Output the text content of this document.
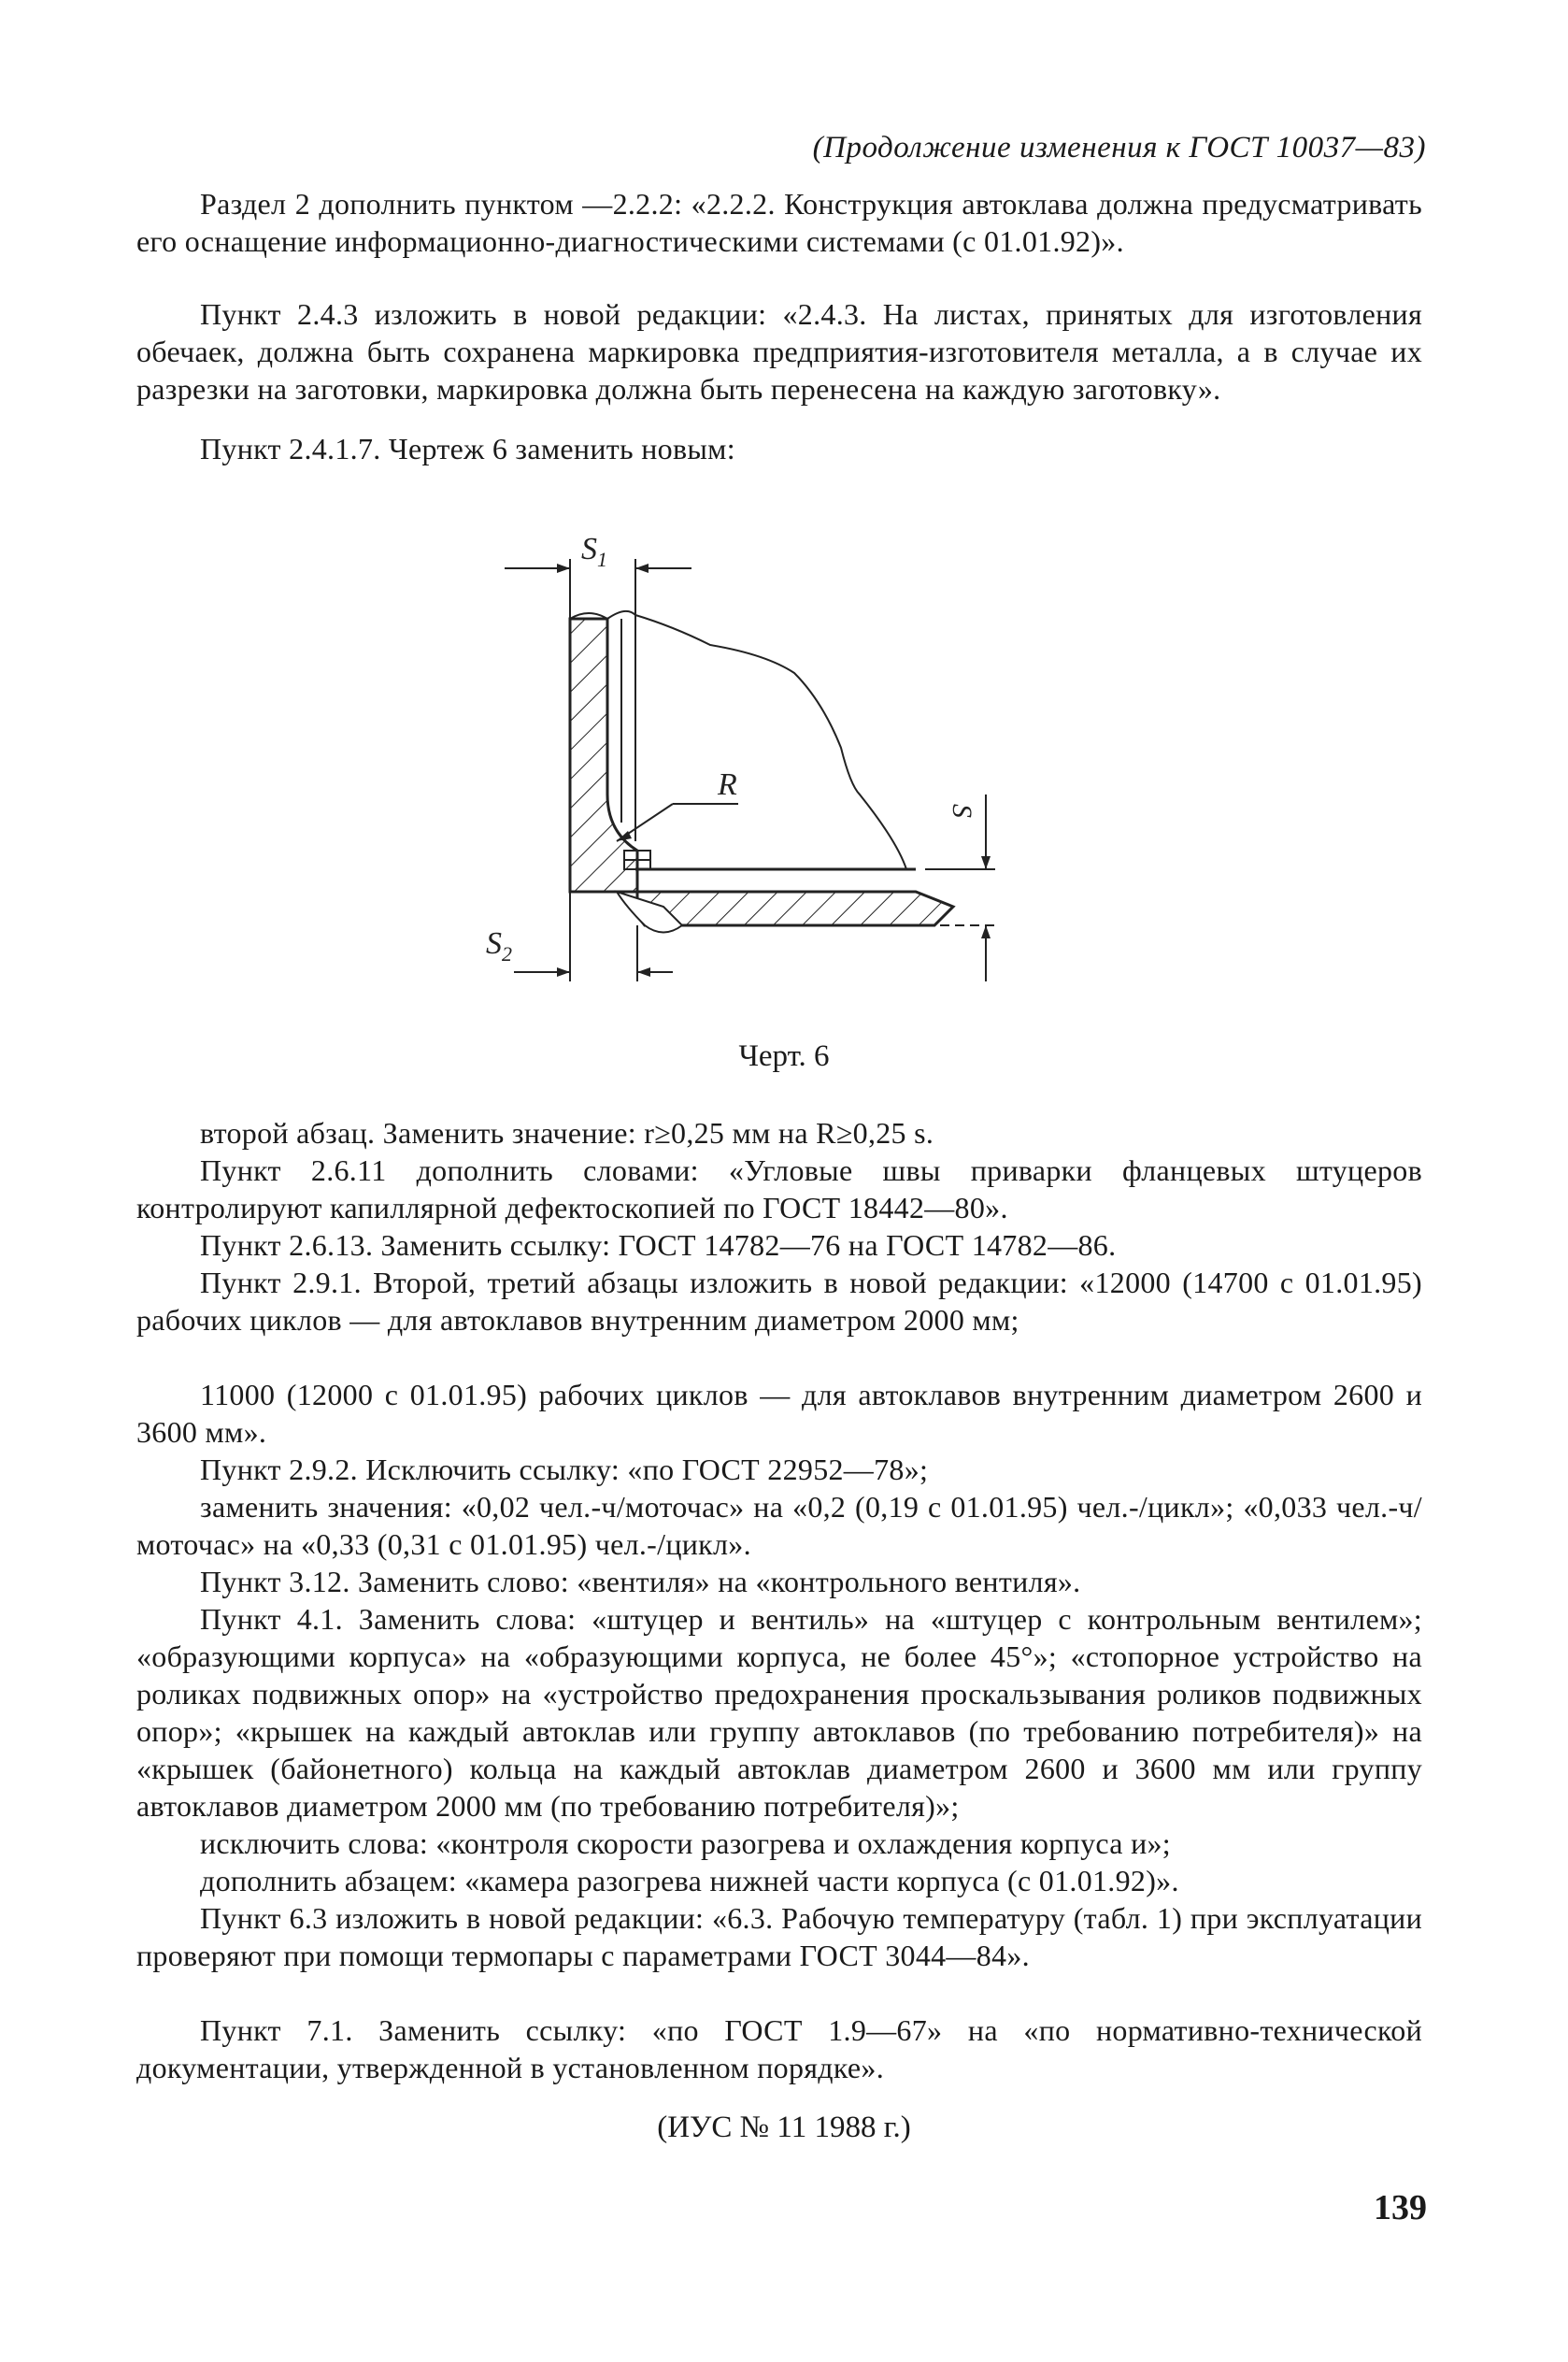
(Продолжение изменения к ГОСТ 10037—83)

Раздел 2 дополнить пунктом —2.2.2: «2.2.2. Конструкция автоклава должна предусматривать его оснащение информационно-диагностическими системами (с 01.01.92)».

Пункт 2.4.3 изложить в новой редакции: «2.4.3. На листах, принятых для изготовления обечаек, должна быть сохранена маркировка предприятия-изготовителя металла, а в случае их разрезки на заготовки, маркировка должна быть перенесена на каждую заготовку».

Пункт 2.4.1.7. Чертеж 6 заменить новым:

$S_1$
R
S
$S_2$
Черт. 6

второй абзац. Заменить значение: r≥0,25 мм на R≥0,25 s.

Пункт 2.6.11 дополнить словами: «Угловые швы приварки фланцевых штуцеров контролируют капиллярной дефектоскопией по ГОСТ 18442—80».

Пункт 2.6.13. Заменить ссылку: ГОСТ 14782—76 на ГОСТ 14782—86.

Пункт 2.9.1. Второй, третий абзацы изложить в новой редакции: «12000 (14700 с 01.01.95) рабочих циклов — для автоклавов внутренним диаметром 2000 мм;

11000 (12000 с 01.01.95) рабочих циклов — для автоклавов внутренним диаметром 2600 и 3600 мм».

Пункт 2.9.2. Исключить ссылку: «по ГОСТ 22952—78»;

заменить значения: «0,02 чел.-ч/моточас» на «0,2 (0,19 с 01.01.95) чел.-/цикл»; «0,033 чел.-ч/моточас» на «0,33 (0,31 с 01.01.95) чел.-/цикл».

Пункт 3.12. Заменить слово: «вентиля» на «контрольного вентиля».

Пункт 4.1. Заменить слова: «штуцер и вентиль» на «штуцер с контрольным вентилем»; «образующими корпуса» на «образующими корпуса, не более 45°»; «стопорное устройство на роликах подвижных опор» на «устройство предохранения проскальзывания роликов подвижных опор»; «крышек на каждый автоклав или группу автоклавов (по требованию потребителя)» на «крышек (байонетного) кольца на каждый автоклав диаметром 2600 и 3600 мм или группу автоклавов диаметром 2000 мм (по требованию потребителя)»;

исключить слова: «контроля скорости разогрева и охлаждения корпуса и»;

дополнить абзацем: «камера разогрева нижней части корпуса (с 01.01.92)».

Пункт 6.3 изложить в новой редакции: «6.3. Рабочую температуру (табл. 1) при эксплуатации проверяют при помощи термопары с параметрами ГОСТ 3044—84».

Пункт 7.1. Заменить ссылку: «по ГОСТ 1.9—67» на «по нормативно-технической документации, утвержденной в установленном порядке».

(ИУС № 11 1988 г.)
139
